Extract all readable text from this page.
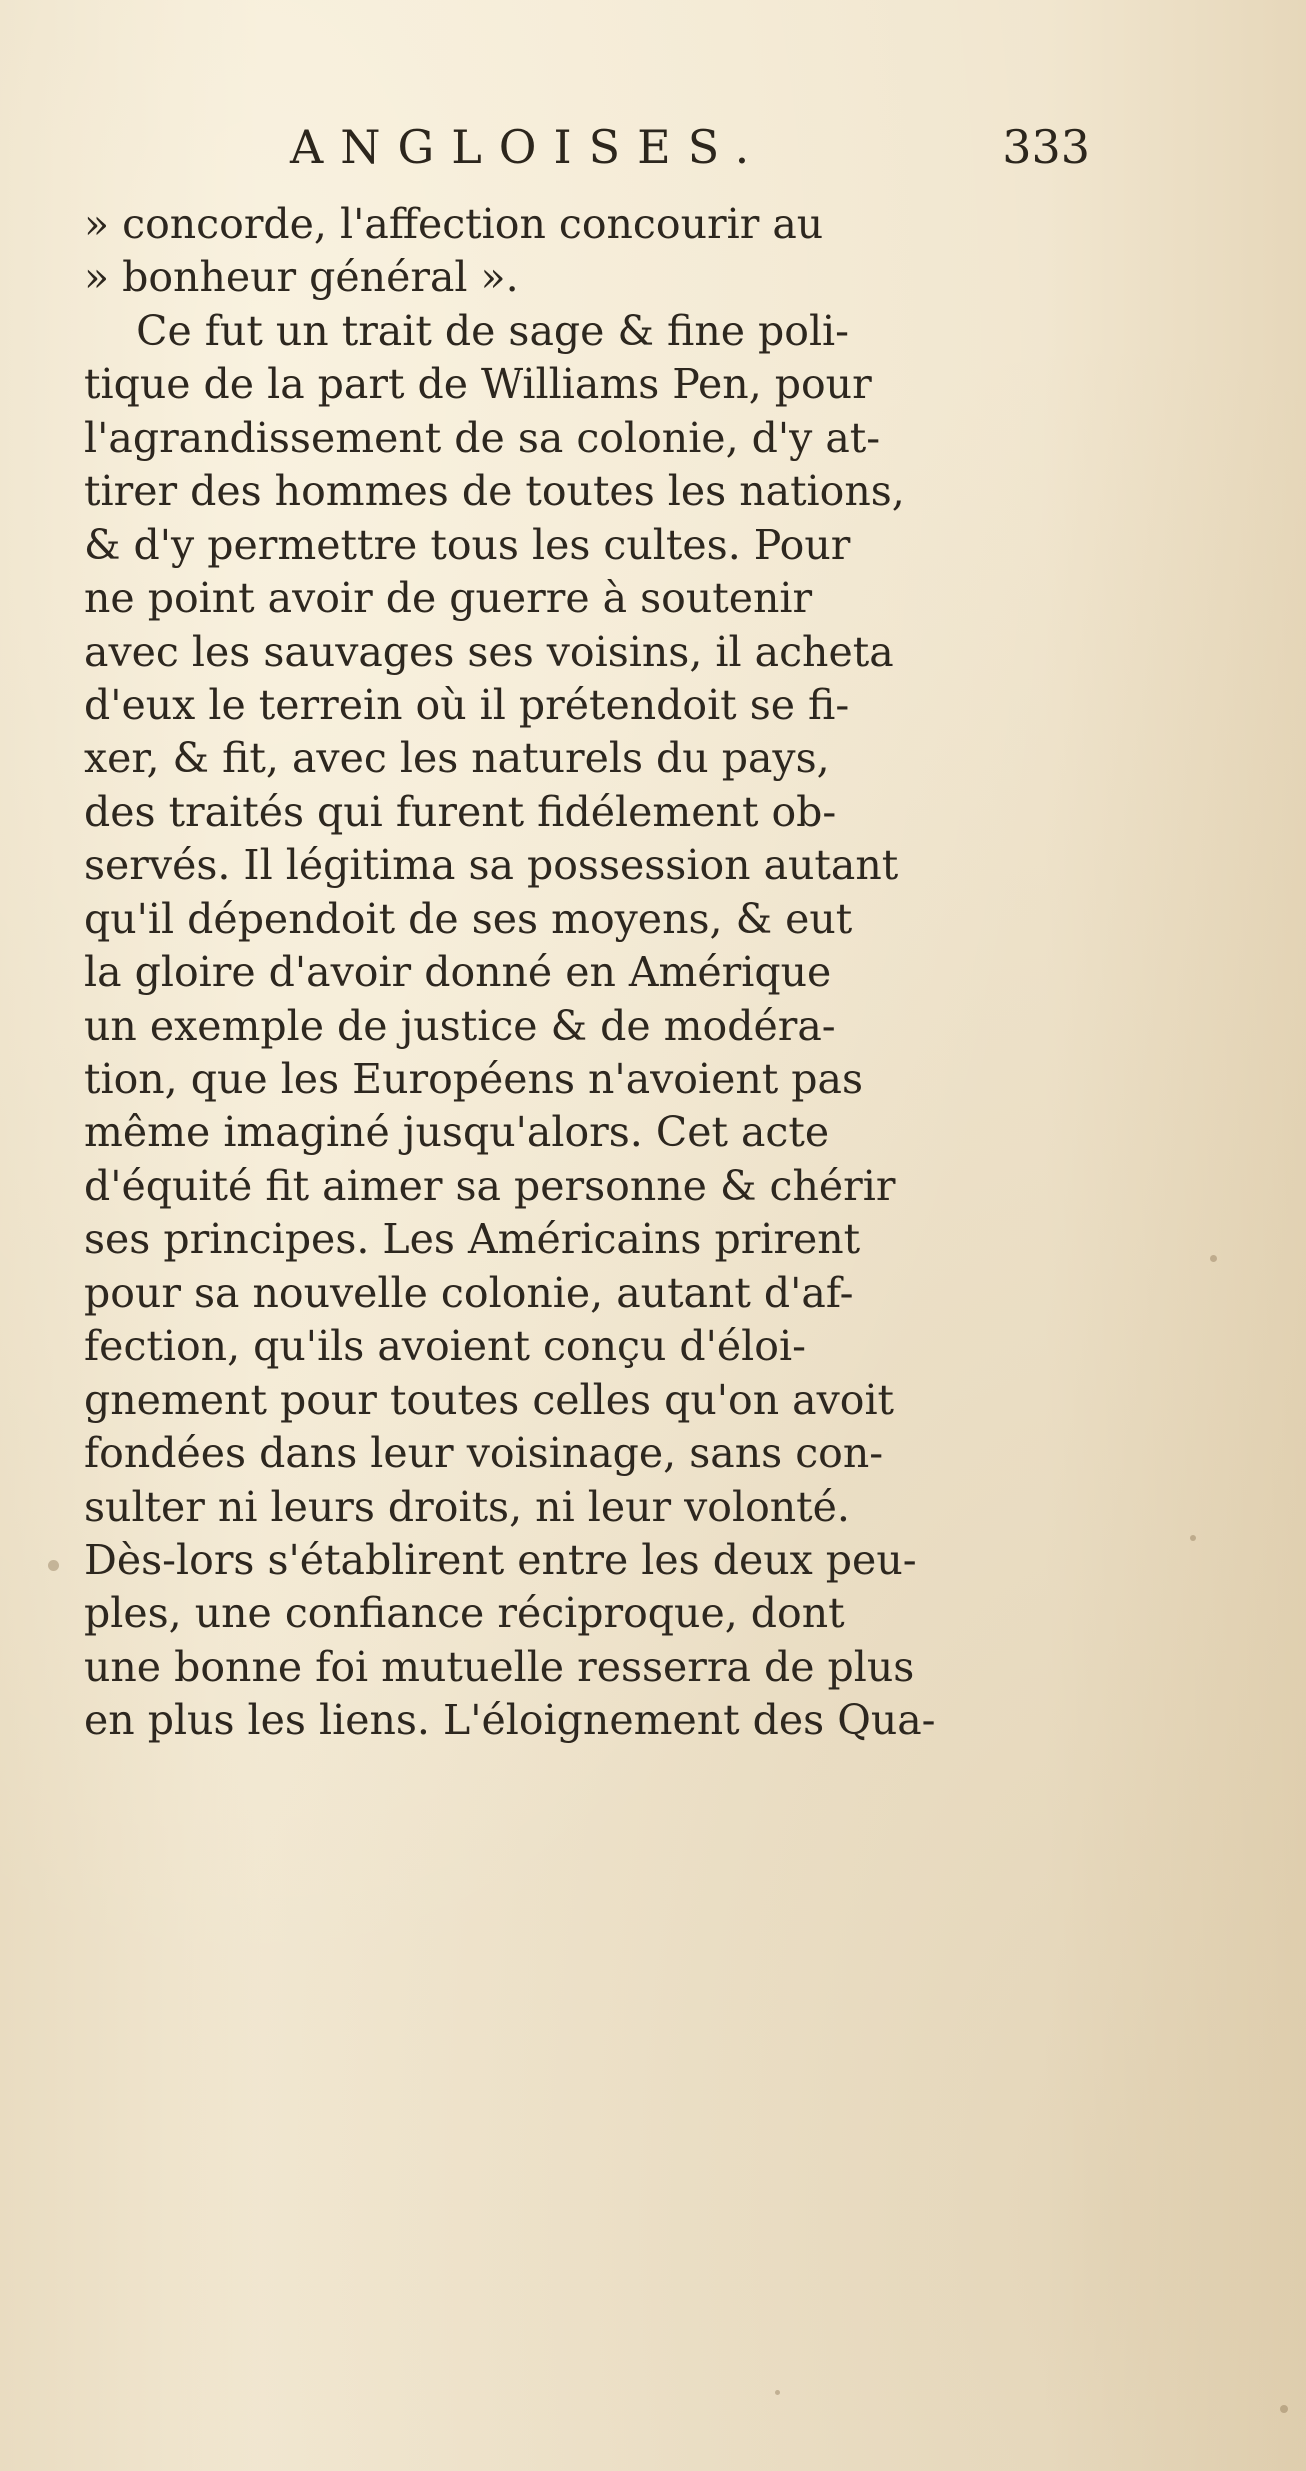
ANGLOISES.	333
» concorde, l'affection concourir au
» bonheur général ».
Ce fut un trait de sage & fine poli-
tique de la part de Williams Pen, pour
l'agrandissement de sa colonie, d'y at-
tirer des hommes de toutes les nations,
& d'y permettre tous les cultes. Pour
ne point avoir de guerre à soutenir
avec les sauvages ses voisins, il acheta
d'eux le terrein où il prétendoit se fi-
xer, & fit, avec les naturels du pays,
des traités qui furent fidélement ob-
servés. Il légitima sa possession autant
qu'il dépendoit de ses moyens, & eut
la gloire d'avoir donné en Amérique
un exemple de justice & de modéra-
tion, que les Européens n'avoient pas
même imaginé jusqu'alors. Cet acte
d'équité fit aimer sa personne & chérir
ses principes. Les Américains prirent
pour sa nouvelle colonie, autant d'af-
fection, qu'ils avoient conçu d'éloi-
gnement pour toutes celles qu'on avoit
fondées dans leur voisinage, sans con-
sulter ni leurs droits, ni leur volonté.
Dès-lors s'établirent entre les deux peu-
ples, une confiance réciproque, dont
une bonne foi mutuelle resserra de plus
en plus les liens. L'éloignement des Qua-
